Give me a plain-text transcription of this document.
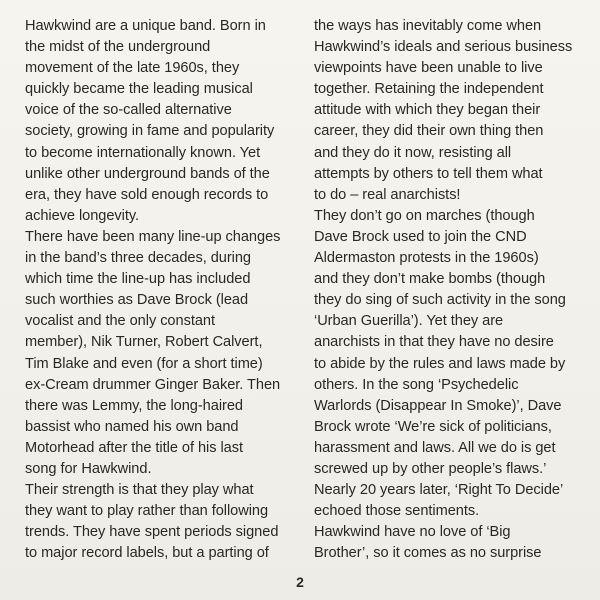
Hawkwind are a unique band. Born in
the midst of the underground
movement of the late 1960s, they
quickly became the leading musical
voice of the so-called alternative
society, growing in fame and popularity
to become internationally known. Yet
unlike other underground bands of the
era, they have sold enough records to
achieve longevity.
There have been many line-up changes
in the band’s three decades, during
which time the line-up has included
such worthies as Dave Brock (lead
vocalist and the only constant
member), Nik Turner, Robert Calvert,
Tim Blake and even (for a short time)
ex-Cream drummer Ginger Baker. Then
there was Lemmy, the long-haired
bassist who named his own band
Motorhead after the title of his last
song for Hawkwind.
Their strength is that they play what
they want to play rather than following
trends. They have spent periods signed
to major record labels, but a parting of
the ways has inevitably come when
Hawkwind’s ideals and serious business
viewpoints have been unable to live
together. Retaining the independent
attitude with which they began their
career, they did their own thing then
and they do it now, resisting all
attempts by others to tell them what
to do – real anarchists!
They don’t go on marches (though
Dave Brock used to join the CND
Aldermaston protests in the 1960s)
and they don’t make bombs (though
they do sing of such activity in the song
‘Urban Guerilla’). Yet they are
anarchists in that they have no desire
to abide by the rules and laws made by
others. In the song ‘Psychedelic
Warlords (Disappear In Smoke)’, Dave
Brock wrote ‘We’re sick of politicians,
harassment and laws. All we do is get
screwed up by other people’s flaws.’
Nearly 20 years later, ‘Right To Decide’
echoed those sentiments.
Hawkwind have no love of ‘Big
Brother’, so it comes as no surprise
2
